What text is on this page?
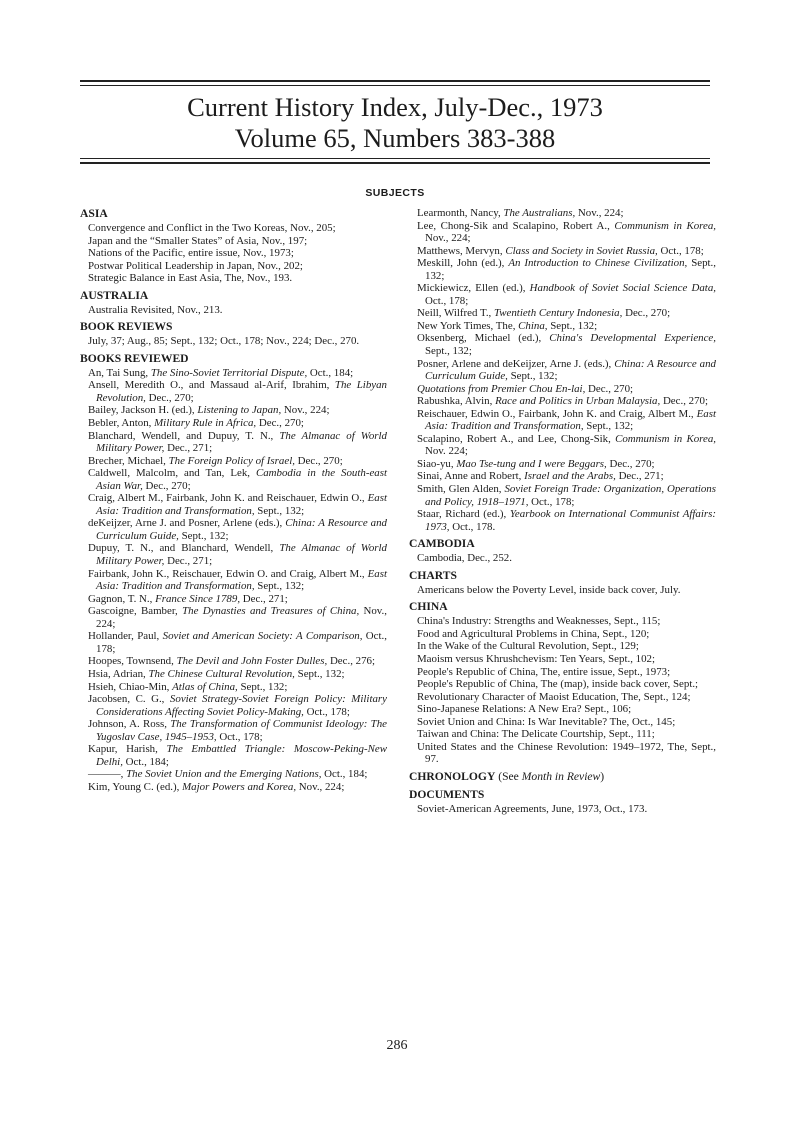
Current History Index, July-Dec., 1973
Volume 65, Numbers 383-388
SUBJECTS
ASIA
Convergence and Conflict in the Two Koreas, Nov., 205;
Japan and the “Smaller States” of Asia, Nov., 197;
Nations of the Pacific, entire issue, Nov., 1973;
Postwar Political Leadership in Japan, Nov., 202;
Strategic Balance in East Asia, The, Nov., 193.
AUSTRALIA
Australia Revisited, Nov., 213.
BOOK REVIEWS
July, 37; Aug., 85; Sept., 132; Oct., 178; Nov., 224; Dec., 270.
BOOKS REVIEWED
An, Tai Sung, The Sino-Soviet Territorial Dispute, Oct., 184;
Ansell, Meredith O., and Massaud al-Arif, Ibrahim, The Libyan Revolution, Dec., 270;
Bailey, Jackson H. (ed.), Listening to Japan, Nov., 224;
Bebler, Anton, Military Rule in Africa, Dec., 270;
Blanchard, Wendell, and Dupuy, T. N., The Almanac of World Military Power, Dec., 271;
Brecher, Michael, The Foreign Policy of Israel, Dec., 270;
Caldwell, Malcolm, and Tan, Lek, Cambodia in the South-east Asian War, Dec., 270;
Craig, Albert M., Fairbank, John K. and Reischauer, Edwin O., East Asia: Tradition and Transformation, Sept., 132;
deKeijzer, Arne J. and Posner, Arlene (eds.), China: A Resource and Curriculum Guide, Sept., 132;
Dupuy, T. N., and Blanchard, Wendell, The Almanac of World Military Power, Dec., 271;
Fairbank, John K., Reischauer, Edwin O. and Craig, Albert M., East Asia: Tradition and Transformation, Sept., 132;
Gagnon, T. N., France Since 1789, Dec., 271;
Gascoigne, Bamber, The Dynasties and Treasures of China, Nov., 224;
Hollander, Paul, Soviet and American Society: A Comparison, Oct., 178;
Hoopes, Townsend, The Devil and John Foster Dulles, Dec., 276;
Hsia, Adrian, The Chinese Cultural Revolution, Sept., 132;
Hsieh, Chiao-Min, Atlas of China, Sept., 132;
Jacobsen, C. G., Soviet Strategy-Soviet Foreign Policy: Military Considerations Affecting Soviet Policy-Making, Oct., 178;
Johnson, A. Ross, The Transformation of Communist Ideology: The Yugoslav Case, 1945–1953, Oct., 178;
Kapur, Harish, The Embattled Triangle: Moscow-Peking-New Delhi, Oct., 184;
———, The Soviet Union and the Emerging Nations, Oct., 184;
Kim, Young C. (ed.), Major Powers and Korea, Nov., 224;
Learmonth, Nancy, The Australians, Nov., 224;
Lee, Chong-Sik and Scalapino, Robert A., Communism in Korea, Nov., 224;
Matthews, Mervyn, Class and Society in Soviet Russia, Oct., 178;
Meskill, John (ed.), An Introduction to Chinese Civilization, Sept., 132;
Mickiewicz, Ellen (ed.), Handbook of Soviet Social Science Data, Oct., 178;
Neill, Wilfred T., Twentieth Century Indonesia, Dec., 270;
New York Times, The, China, Sept., 132;
Oksenberg, Michael (ed.), China's Developmental Experience, Sept., 132;
Posner, Arlene and deKeijzer, Arne J. (eds.), China: A Resource and Curriculum Guide, Sept., 132;
Quotations from Premier Chou En-lai, Dec., 270;
Rabushka, Alvin, Race and Politics in Urban Malaysia, Dec., 270;
Reischauer, Edwin O., Fairbank, John K. and Craig, Albert M., East Asia: Tradition and Transformation, Sept., 132;
Scalapino, Robert A., and Lee, Chong-Sik, Communism in Korea, Nov. 224;
Siao-yu, Mao Tse-tung and I were Beggars, Dec., 270;
Sinai, Anne and Robert, Israel and the Arabs, Dec., 271;
Smith, Glen Alden, Soviet Foreign Trade: Organization, Operations and Policy, 1918–1971, Oct., 178;
Staar, Richard (ed.), Yearbook on International Communist Affairs: 1973, Oct., 178.
CAMBODIA
Cambodia, Dec., 252.
CHARTS
Americans below the Poverty Level, inside back cover, July.
CHINA
China's Industry: Strengths and Weaknesses, Sept., 115;
Food and Agricultural Problems in China, Sept., 120;
In the Wake of the Cultural Revolution, Sept., 129;
Maoism versus Khrushchevism: Ten Years, Sept., 102;
People's Republic of China, The, entire issue, Sept., 1973;
People's Republic of China, The (map), inside back cover, Sept.;
Revolutionary Character of Maoist Education, The, Sept., 124;
Sino-Japanese Relations: A New Era? Sept., 106;
Soviet Union and China: Is War Inevitable? The, Oct., 145;
Taiwan and China: The Delicate Courtship, Sept., 111;
United States and the Chinese Revolution: 1949–1972, The, Sept., 97.
CHRONOLOGY (See Month in Review)
DOCUMENTS
Soviet-American Agreements, June, 1973, Oct., 173.
286
